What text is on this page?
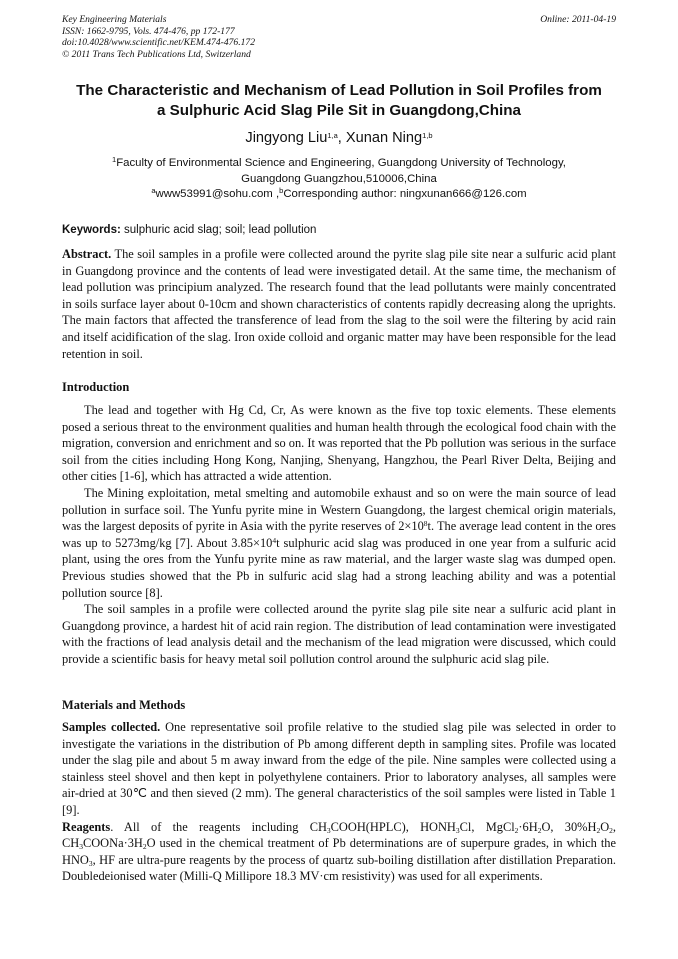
Key Engineering Materials
ISSN: 1662-9795, Vols. 474-476, pp 172-177
doi:10.4028/www.scientific.net/KEM.474-476.172
© 2011 Trans Tech Publications Ltd, Switzerland
Online: 2011-04-19
The Characteristic and Mechanism of Lead Pollution in Soil Profiles from
a Sulphuric Acid Slag Pile Sit in Guangdong,China
Jingyong Liu$^{1,a}$, Xunan Ning$^{1,b}$
$^1$Faculty of Environmental Science and Engineering, Guangdong University of Technology,
Guangdong Guangzhou,510006,China
$^a$www53991@sohu.com ,$^b$Corresponding author: ningxunan666@126.com
Keywords: sulphuric acid slag; soil; lead pollution

Abstract. The soil samples in a profile were collected around the pyrite slag pile site near a sulfuric acid plant in Guangdong province and the contents of lead were investigated detail. At the same time, the mechanism of lead pollution was principium analyzed. The research found that the lead pollutants were mainly concentrated in soils surface layer about 0-10cm and shown characteristics of contents rapidly decreasing along the uprights. The main factors that affected the transference of lead from the slag to the soil were the filtering by acid rain and itself acidification of the slag. Iron oxide colloid and organic matter may have been responsible for the lead retention in soil.

Introduction

The lead and together with Hg Cd, Cr, As were known as the five top toxic elements. These elements posed a serious threat to the environment qualities and human health through the ecological food chain with the migration, conversion and enrichment and so on. It was reported that the Pb pollution was serious in the surface soil from the cities including Hong Kong, Nanjing, Shenyang, Hangzhou, the Pearl River Delta, Beijing and other cities [1-6], which has attracted a wide attention.

The Mining exploitation, metal smelting and automobile exhaust and so on were the main source of lead pollution in surface soil. The Yunfu pyrite mine in Western Guangdong, the largest chemical origin materials, was the largest deposits of pyrite in Asia with the pyrite reserves of $2\times 10^8t$. The average lead content in the ores was up to 5273mg/kg [7]. About $3.85\times 10^4t$ sulphuric acid slag was produced in one year from a sulfuric acid plant, using the ores from the Yunfu pyrite mine as raw material, and the larger waste slag was dumped open. Previous studies showed that the Pb in sulfuric acid slag had a strong leaching ability and was a potential pollution source [8].

The soil samples in a profile were collected around the pyrite slag pile site near a sulfuric acid plant in Guangdong province, a hardest hit of acid rain region. The distribution of lead contamination were investigated with the fractions of lead analysis detail and the mechanism of the lead migration were discussed, which could provide a scientific basis for heavy metal soil pollution control around the sulphuric acid slag pile.

Materials and Methods

Samples collected. One representative soil profile relative to the studied slag pile was selected in order to investigate the variations in the distribution of Pb among different depth in sampling sites. Profile was located under the slag pile and about 5 m away inward from the edge of the pile. Nine samples were collected using a stainless steel shovel and then kept in polyethylene containers. Prior to laboratory analyses, all samples were air-dried at 30℃ and then sieved (2 mm). The general characteristics of the soil samples were listed in Table 1 [9].

Reagents. All of the reagents including $CH_3COOH(HPLC)$, $HONH_3Cl$, $MgCl_2\cdot 6H_2O$, $30\%H_2O_2$, $CH_3COONa\cdot 3H_2O$ used in the chemical treatment of Pb determinations are of superpure grades, in which the $HNO_3$, HF are ultra-pure reagents by the process of quartz sub-boiling distillation after distillation Preparation. Doubledeionised water (Milli-Q Millipore 18.3 MV·cm resistivity) was used for all experiments.
